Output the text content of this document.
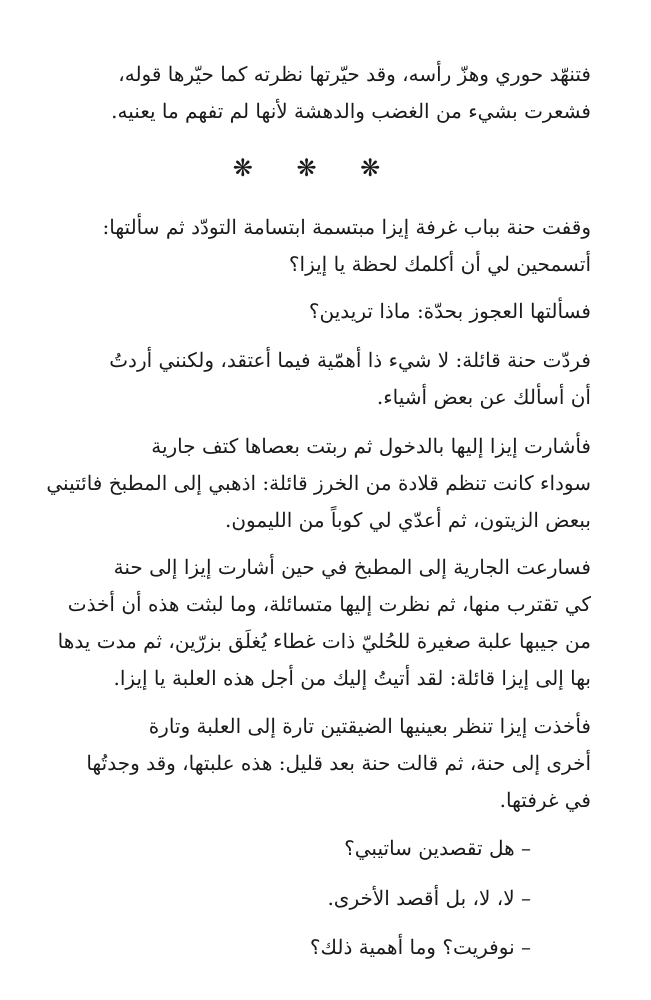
فتنهّد حوري وهزّ رأسه، وقد حيّرتها نظرته كما حيّرها قوله،
فشعرت بشيء من الغضب والدهشة لأنها لم تفهم ما يعنيه.
❋ ❋ ❋
وقفت حنة بباب غرفة إيزا مبتسمة ابتسامة التودّد ثم سألتها:
أتسمحين لي أن أكلمك لحظة يا إيزا؟
فسألتها العجوز بحدّة: ماذا تريدين؟
فردّت حنة قائلة: لا شيء ذا أهمّية فيما أعتقد، ولكنني أردتُ
أن أسألك عن بعض أشياء.
فأشارت إيزا إليها بالدخول ثم ربتت بعصاها كتف جارية
سوداء كانت تنظم قلادة من الخرز قائلة: اذهبي إلى المطبخ فائتيني
ببعض الزيتون، ثم أعدّي لي كوباً من الليمون.
فسارعت الجارية إلى المطبخ في حين أشارت إيزا إلى حنة
كي تقترب منها، ثم نظرت إليها متسائلة، وما لبثت هذه أن أخذت
من جيبها علبة صغيرة للحُليّ ذات غطاء يُغلَق بزرّين، ثم مدت يدها
بها إلى إيزا قائلة: لقد أتيتُ إليك من أجل هذه العلبة يا إيزا.
فأخذت إيزا تنظر بعينيها الضيقتين تارة إلى العلبة وتارة
أخرى إلى حنة، ثم قالت حنة بعد قليل: هذه علبتها، وقد وجدتُها
في غرفتها.
– هل تقصدين ساتيبي؟
– لا، لا، بل أقصد الأخرى.
– نوفريت؟ وما أهمية ذلك؟
